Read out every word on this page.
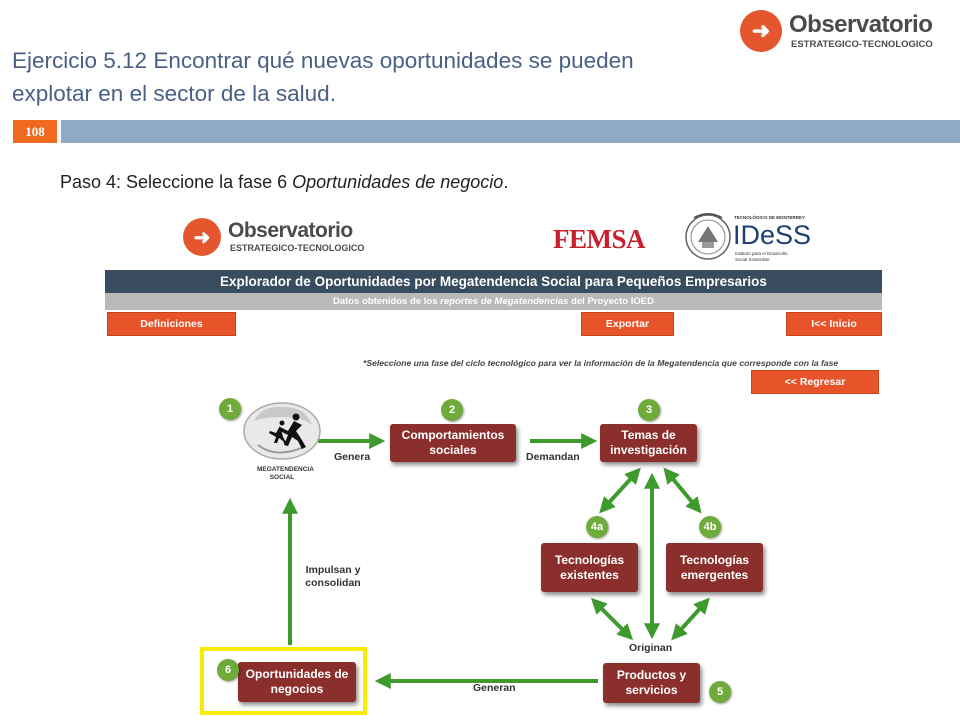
Ejercicio 5.12 Encontrar qué nuevas oportunidades se pueden explotar en el sector de la salud.
➜ Observatorio
ESTRATEGICO-TECNOLOGICO
108
Paso 4: Seleccione la fase 6 Oportunidades de negocio.
➜ Observatorio
ESTRATEGICO-TECNOLOGICO	FEMSA
TECNOLÓGICO DE MONTERREY
IDeSS
Instituto para el Desarrollo
Social Sostenible
Explorador de Oportunidades por Megatendencia Social para Pequeños Empresarios
Datos obtenidos de los reportes de Megatendencias del Proyecto IOED
Definiciones	Exportar	I<< Inicio
*Seleccione una fase del ciclo tecnológico para ver la información de la Megatendencia que corresponde con la fase
<< Regresar
MEGATENDENCIA SOCIAL
Genera	Demandan
Originan
Generan
Impulsan y consolidan
Comportamientos sociales
Temas de investigación
Tecnologías existentes
Tecnologías emergentes
Productos y servicios
Oportunidades de negocios
1	2	3
4a	4b
5
6
